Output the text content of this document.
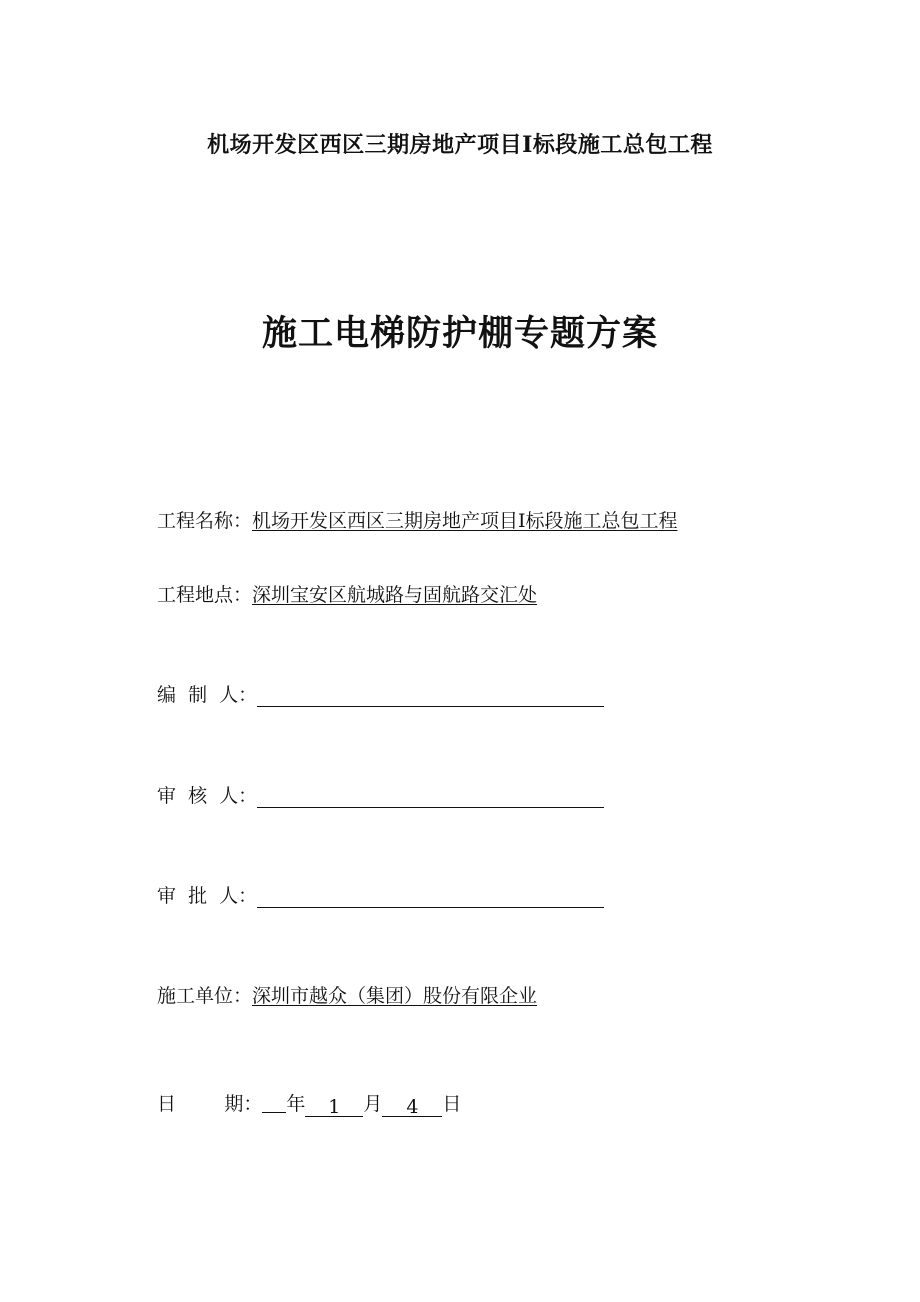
机场开发区西区三期房地产项目Ⅰ标段施工总包工程
施工电梯防护棚专题方案
工程名称：机场开发区西区三期房地产项目Ⅰ标段施工总包工程
工程地点：深圳宝安区航城路与固航路交汇处
编  制  人：
审  核  人：
审  批  人：
施工单位：深圳市越众（集团）股份有限企业
日        期： 年 1 月 4 日
